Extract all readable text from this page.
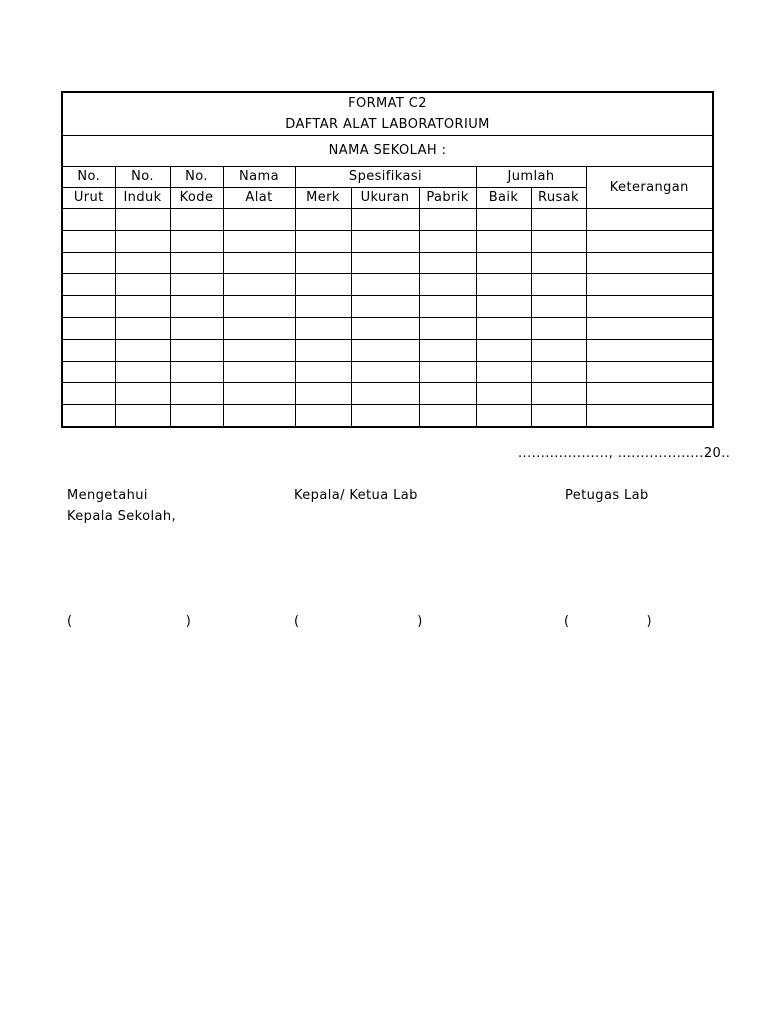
FORMAT C2
DAFTAR ALAT LABORATORIUM									

NAMA SEKOLAH :									
No.	No.	No.	Nama	Spesifikasi			Jumlah		Keterangan
Urut	Induk	Kode	Alat	Merk	Ukuran	Pabrik	Baik	Rusak	

...................., ...................20..
Mengetahui
Kepala Sekolah,
Kepala/ Ketua Lab	Petugas Lab
(                         )	(                          )	(                 )
